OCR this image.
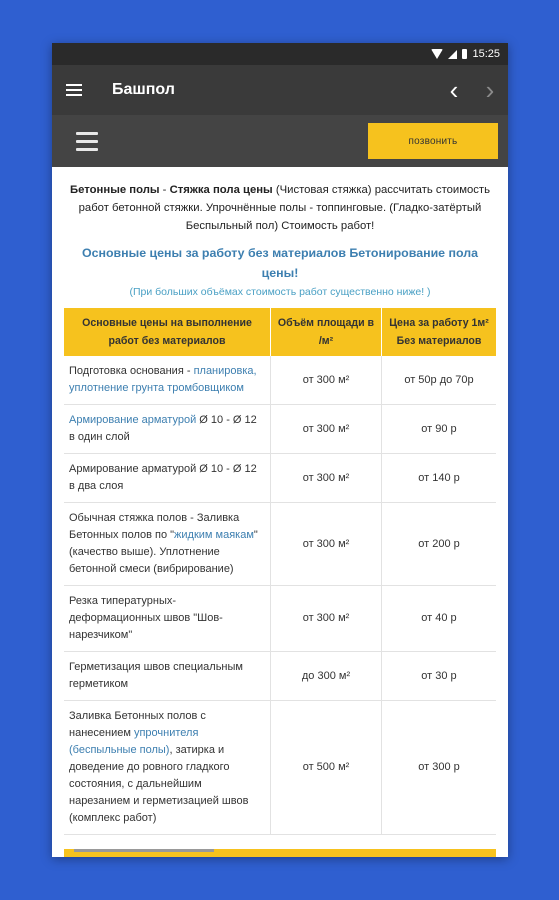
15:25
Башпол	‹	›
позвонить
Бетонные полы - Стяжка пола цены (Чистовая стяжка) рассчитать стоимость работ бетонной стяжки. Упрочнённые полы - топпинговые. (Гладко-затёртый Беспыльный пол) Стоимость работ!
Основные цены за работу без материалов Бетонирование пола цены!
(При больших объёмах стоимость работ существенно ниже! )
Основные цены на выполнение работ без материалов	Объём площади в /м²	Цена за работу 1м² Без материалов
Подготовка основания - планировка, уплотнение грунта тромбовщиком	от 300 м²	от 50р до 70р
Армирование арматурой Ø 10 - Ø 12 в один слой	от 300 м²	от 90 р
Армирование арматурой Ø 10 - Ø 12 в два слоя	от 300 м²	от 140 р
Обычная стяжка полов - Заливка Бетонных полов по "жидким маякам" (качество выше). Уплотнение бетонной смеси (вибрирование)	от 300 м²	от 200 р
Резка типературных-деформационных швов "Шов-нарезчиком"	от 300 м²	от 40 р
Герметизация швов специальным герметиком	до 300 м²	от 30 р
Заливка Бетонных полов с нанесением упрочнителя (беспыльные полы), затирка и доведение до ровного гладкого состояния, с дальнейшим нарезанием и герметизацией швов (комплекс работ)	от 500 м²	от 300 р
